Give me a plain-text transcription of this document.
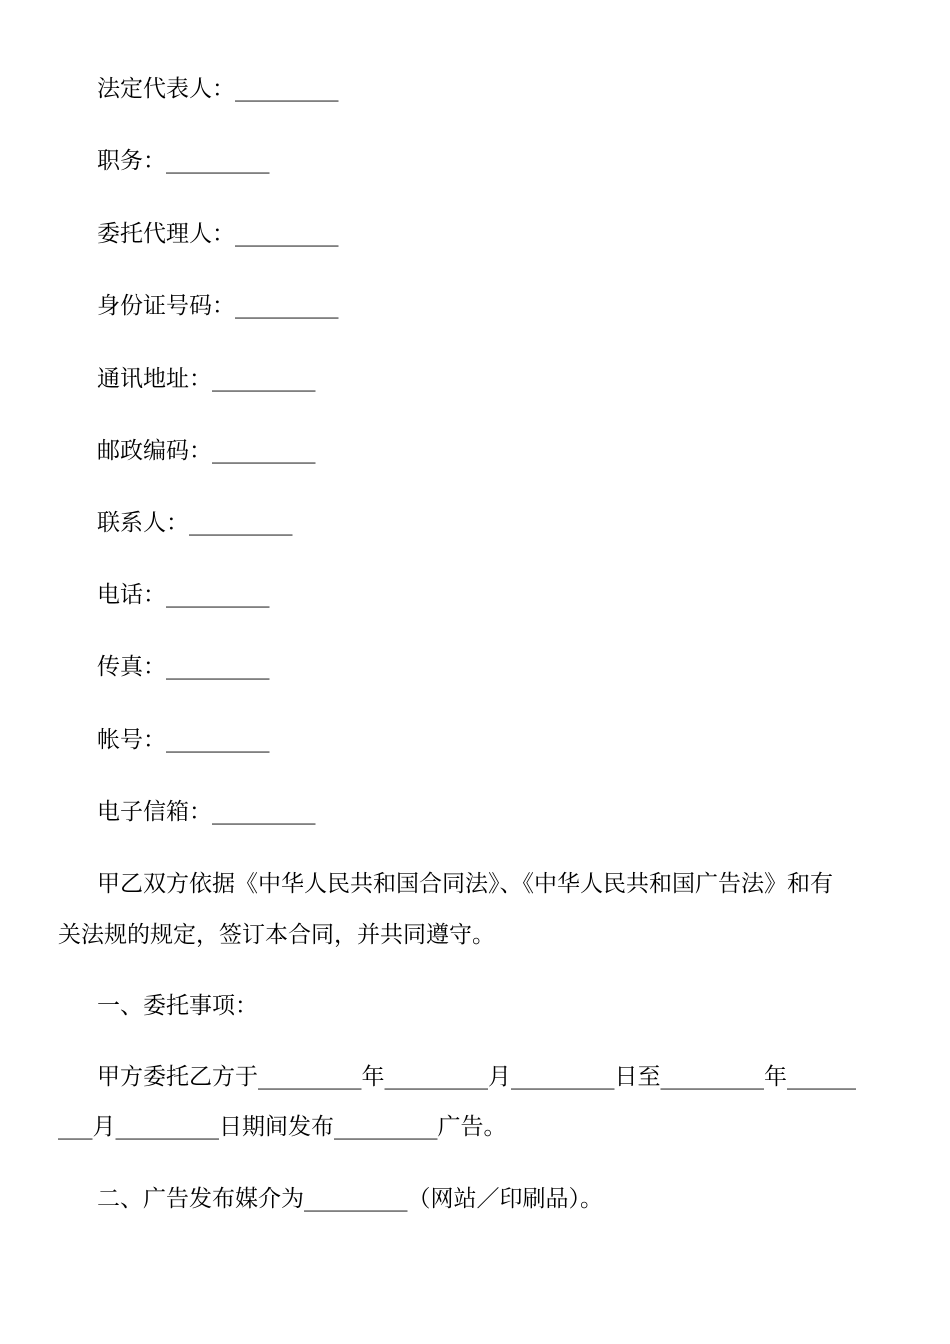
法定代表人：_________
职务：_________
委托代理人：_________
身份证号码：_________
通讯地址：_________
邮政编码：_________
联系人：_________
电话：_________
传真：_________
帐号：_________
电子信箱：_________
甲乙双方依据《中华人民共和国合同法》、《中华人民共和国广告法》和有
关法规的规定，签订本合同，并共同遵守。
一、委托事项：
甲方委托乙方于_________年_________月_________日至_________年______
___月_________日期间发布_________广告。
二、广告发布媒介为_________（网站／印刷品）。
